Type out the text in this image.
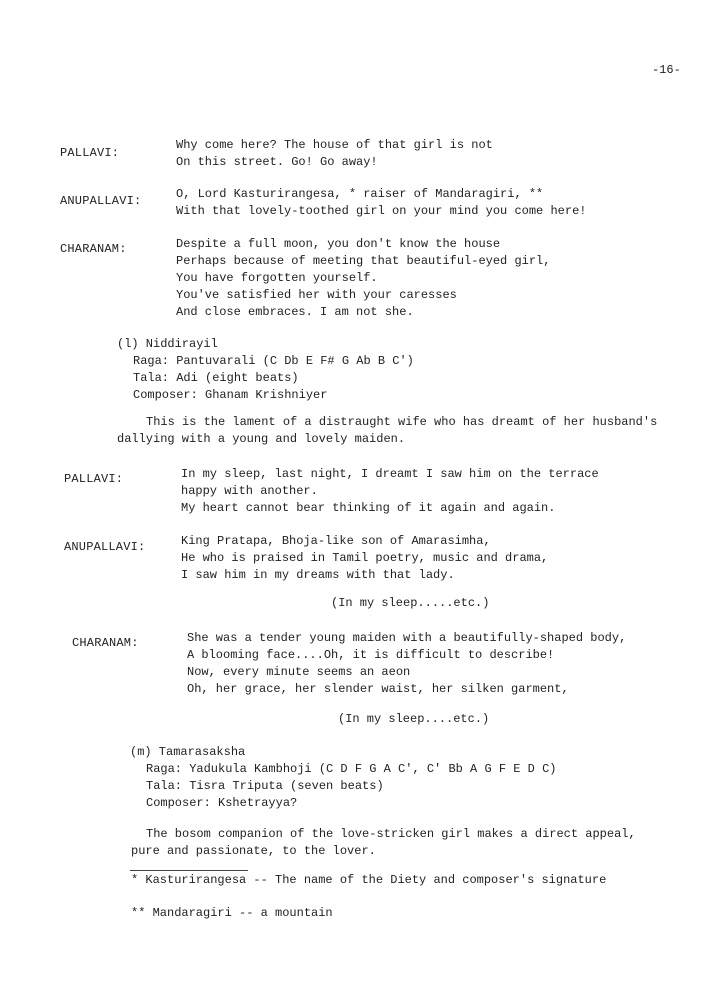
-16-
PALLAVI:
Why come here? The house of that girl is not
On this street. Go! Go away!
ANUPALLAVI:	O, Lord Kasturirangesa, * raiser of Mandaragiri, **
With that lovely-toothed girl on your mind you come here!
CHARANAM:	Despite a full moon, you don't know the house
Perhaps because of meeting that beautiful-eyed girl,
You have forgotten yourself.
You've satisfied her with your caresses
And close embraces. I am not she.
(l) Niddirayil
Raga: Pantuvarali (C Db E F# G Ab B C')
Tala: Adi (eight beats)
Composer: Ghanam Krishniyer
This is the lament of a distraught wife who has dreamt of her husband's
dallying with a young and lovely maiden.
PALLAVI:	In my sleep, last night, I dreamt I saw him on the terrace
happy with another.
My heart cannot bear thinking of it again and again.
ANUPALLAVI:	King Pratapa, Bhoja-like son of Amarasimha,
He who is praised in Tamil poetry, music and drama,
I saw him in my dreams with that lady.
(In my sleep.....etc.)
CHARANAM:	She was a tender young maiden with a beautifully-shaped body,
A blooming face....Oh, it is difficult to describe!
Now, every minute seems an aeon
Oh, her grace, her slender waist, her silken garment,
(In my sleep....etc.)
(m) Tamarasaksha
Raga: Yadukula Kambhoji (C D F G A C', C' Bb A G F E D C)
Tala: Tisra Triputa (seven beats)
Composer: Kshetrayya?
The bosom companion of the love-stricken girl makes a direct appeal,
pure and passionate, to the lover.
* Kasturirangesa -- The name of the Diety and composer's signature
** Mandaragiri -- a mountain
